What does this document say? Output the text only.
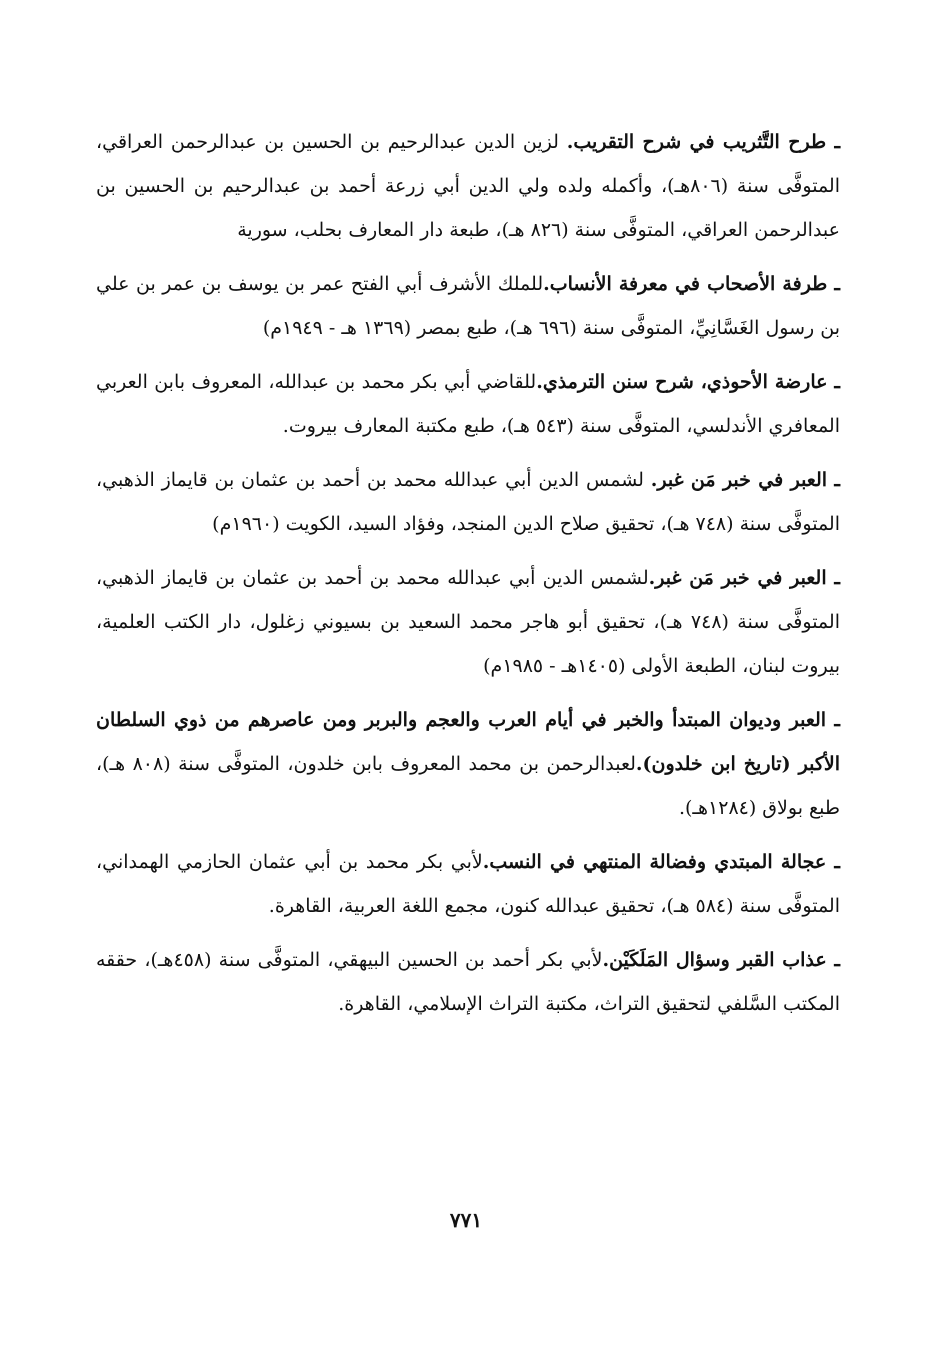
ـ طرح التَّثريب في شرح التقريب. لزين الدين عبدالرحيم بن الحسين بن عبدالرحمن العراقي، المتوفَّى سنة (٨٠٦هـ)، وأكمله ولده ولي الدين أبي زرعة أحمد بن عبدالرحيم بن الحسين بن عبدالرحمن العراقي، المتوفَّى سنة (٨٢٦ هـ)، طبعة دار المعارف بحلب، سورية

ـ طرفة الأصحاب في معرفة الأنساب.للملك الأشرف أبي الفتح عمر بن يوسف بن عمر بن علي بن رسول الغَسَّانِيِّ، المتوفَّى سنة (٦٩٦ هـ)، طبع بمصر (١٣٦٩ هـ - ١٩٤٩م)

ـ عارضة الأحوذي، شرح سنن الترمذي.للقاضي أبي بكر محمد بن عبدالله، المعروف بابن العربي المعافري الأندلسي، المتوفَّى سنة (٥٤٣ هـ)، طبع مكتبة المعارف بيروت.

ـ العبر في خبر مَن غبر. لشمس الدين أبي عبدالله محمد بن أحمد بن عثمان بن قايماز الذهبي، المتوفَّى سنة (٧٤٨ هـ)، تحقيق صلاح الدين المنجد، وفؤاد السيد، الكويت (١٩٦٠م)

ـ العبر في خبر مَن غبر.لشمس الدين أبي عبدالله محمد بن أحمد بن عثمان بن قايماز الذهبي، المتوفَّى سنة (٧٤٨ هـ)، تحقيق أبو هاجر محمد السعيد بن بسيوني زغلول، دار الكتب العلمية، بيروت لبنان، الطبعة الأولى (١٤٠٥هـ - ١٩٨٥م)

ـ العبر وديوان المبتدأ والخبر في أيام العرب والعجم والبربر ومن عاصرهم من ذوي السلطان الأكبر (تاريخ ابن خلدون).لعبدالرحمن بن محمد المعروف بابن خلدون، المتوفَّى سنة (٨٠٨ هـ)، طبع بولاق (١٢٨٤هـ).

ـ عجالة المبتدي وفضالة المنتهي في النسب.لأبي بكر محمد بن أبي عثمان الحازمي الهمداني، المتوفَّى سنة (٥٨٤ هـ)، تحقيق عبدالله كنون، مجمع اللغة العربية، القاهرة.

ـ عذاب القبر وسؤال المَلَكَيْن.لأبي بكر أحمد بن الحسين البيهقي، المتوفَّى سنة (٤٥٨هـ)، حققه المكتب السَّلفي لتحقيق التراث، مكتبة التراث الإسلامي، القاهرة.

٧٧١
